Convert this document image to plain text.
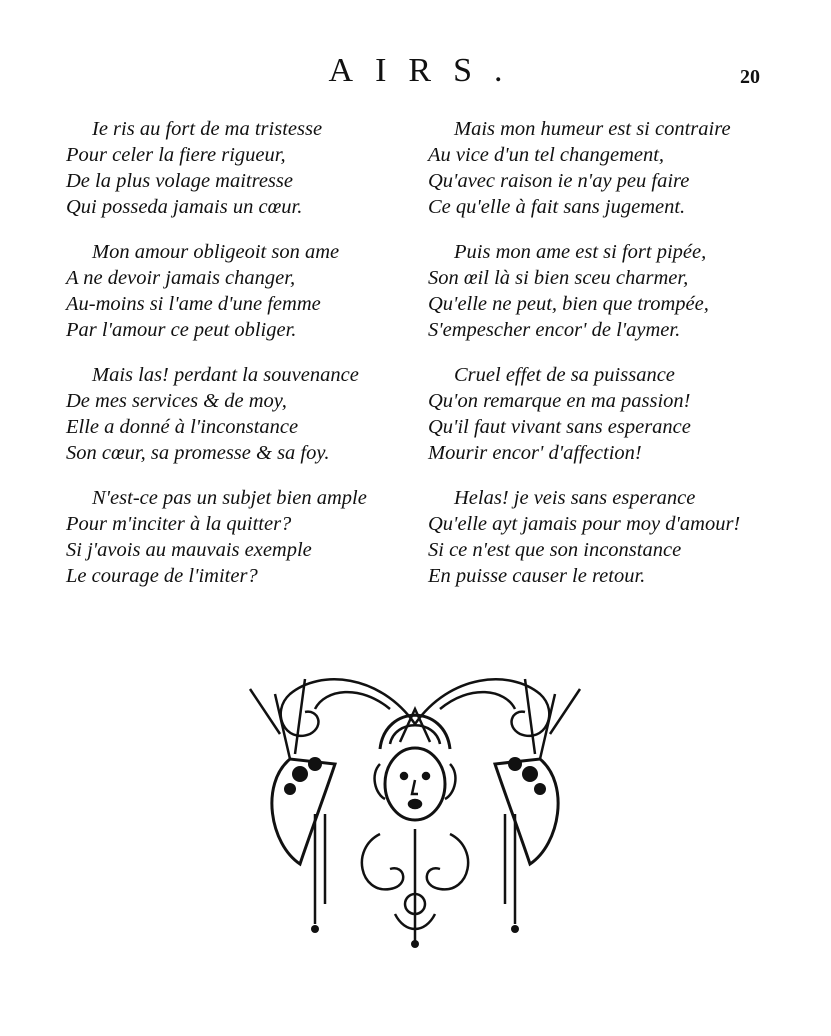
AIRS.	20
Ie ris au fort de ma tristesse
Pour celer la fiere rigueur,
De la plus volage maitresse
Qui possedа jamais un cœur.
Mon amour obligeoit son ame
A ne devoir jamais changer,
Au-moins si l'ame d'une femme
Par l'amour ce peut obliger.
Mais las! perdant la souvenance
De mes services & de moy,
Elle a donné à l'inconstance
Son cœur, sa promesse & sa foy.
N'est-ce pas un subjet bien ample
Pour m'inciter à la quitter?
Si j'avois au mauvais exemple
Le courage de l'imiter?
Mais mon humeur est si contraire
Au vice d'un tel changement,
Qu'avec raison ie n'ay peu faire
Ce qu'elle à fait sans jugement.
Puis mon ame est si fort pipée,
Son œil là si bien sceu charmer,
Qu'elle ne peut, bien que trompée,
S'empescher encor' de l'aymer.
Cruel effet de sa puissance
Qu'on remarque en ma passion!
Qu'il faut vivant sans esperance
Mourir encor' d'affection!
Helas! je veis sans esperance
Qu'elle ayt jamais pour moy d'amour!
Si ce n'est que son inconstance
En puisse causer le retour.
